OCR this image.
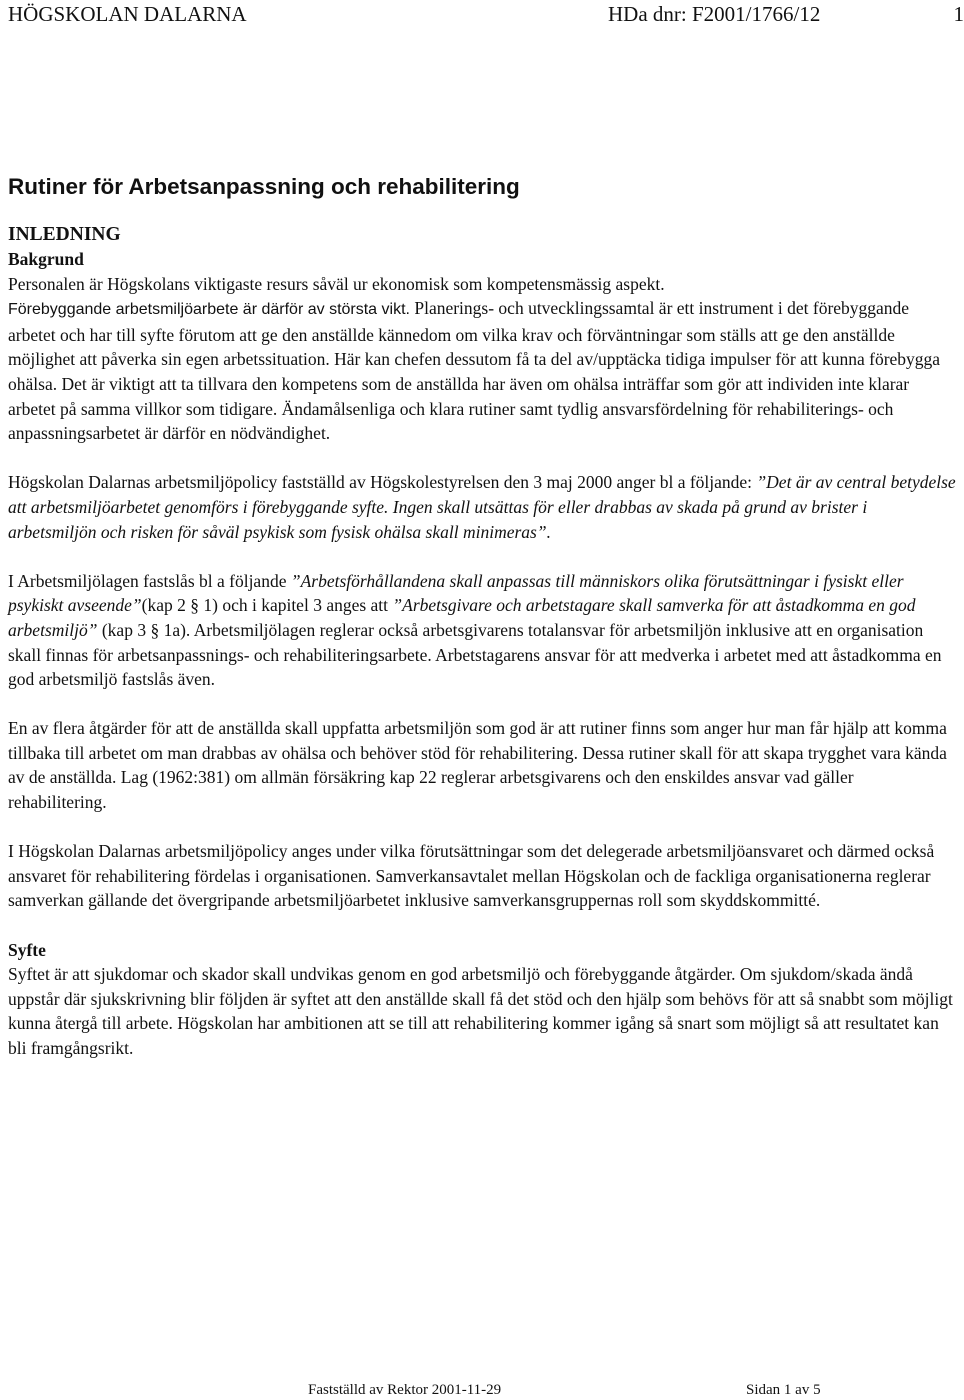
HÖGSKOLAN DALARNA	HDa dnr: F2001/1766/12	1
Rutiner för Arbetsanpassning och rehabilitering
INLEDNING
Bakgrund

Personalen är Högskolans viktigaste resurs såväl ur ekonomisk som kompetensmässig aspekt.
Förebyggande arbetsmiljöarbete är därför av största vikt. Planerings- och utvecklingssamtal är ett instrument i det förebyggande arbetet och har till syfte förutom att ge den anställde kännedom om vilka krav och förväntningar som ställs att ge den anställde möjlighet att påverka sin egen arbetssituation. Här kan chefen dessutom få ta del av/upptäcka tidiga impulser för att kunna förebygga ohälsa. Det är viktigt att ta tillvara den kompetens som de anställda har även om ohälsa inträffar som gör att individen inte klarar arbetet på samma villkor som tidigare. Ändamålsenliga och klara rutiner samt tydlig ansvarsfördelning för rehabiliterings- och anpassningsarbetet är därför en nödvändighet.

Högskolan Dalarnas arbetsmiljöpolicy fastställd av Högskolestyrelsen den 3 maj 2000 anger bl a följande: ”Det är av central betydelse att arbetsmiljöarbetet genomförs i förebyggande syfte. Ingen skall utsättas för eller drabbas av skada på grund av brister i arbetsmiljön och risken för såväl psykisk som fysisk ohälsa skall minimeras”.

I Arbetsmiljölagen fastslås bl a följande ”Arbetsförhållandena skall anpassas till människors olika förutsättningar i fysiskt eller psykiskt avseende”(kap 2 § 1) och i kapitel 3 anges att ”Arbetsgivare och arbetstagare skall samverka för att åstadkomma en god arbetsmiljö” (kap 3 § 1a). Arbetsmiljölagen reglerar också arbetsgivarens totalansvar för arbetsmiljön inklusive att en organisation skall finnas för arbetsanpassnings- och rehabiliteringsarbete. Arbetstagarens ansvar för att medverka i arbetet med att åstadkomma en god arbetsmiljö fastslås även.

En av flera åtgärder för att de anställda skall uppfatta arbetsmiljön som god är att rutiner finns som anger hur man får hjälp att komma tillbaka till arbetet om man drabbas av ohälsa och behöver stöd för rehabilitering. Dessa rutiner skall för att skapa trygghet vara kända av de anställda. Lag (1962:381) om allmän försäkring kap 22 reglerar arbetsgivarens och den enskildes ansvar vad gäller rehabilitering.

I Högskolan Dalarnas arbetsmiljöpolicy anges under vilka förutsättningar som det delegerade arbetsmiljöansvaret och därmed också ansvaret för rehabilitering fördelas i organisationen. Samverkansavtalet mellan Högskolan och de fackliga organisationerna reglerar samverkan gällande det övergripande arbetsmiljöarbetet inklusive samverkansgruppernas roll som skyddskommitté.

Syfte

Syftet är att sjukdomar och skador skall undvikas genom en god arbetsmiljö och förebyggande åtgärder. Om sjukdom/skada ändå uppstår där sjukskrivning blir följden är syftet att den anställde skall få det stöd och den hjälp som behövs för att så snabbt som möjligt kunna återgå till arbete. Högskolan har ambitionen att se till att rehabilitering kommer igång så snart som möjligt så att resultatet kan bli framgångsrikt.

Fastställd av Rektor 2001-11-29	Sidan 1 av 5
